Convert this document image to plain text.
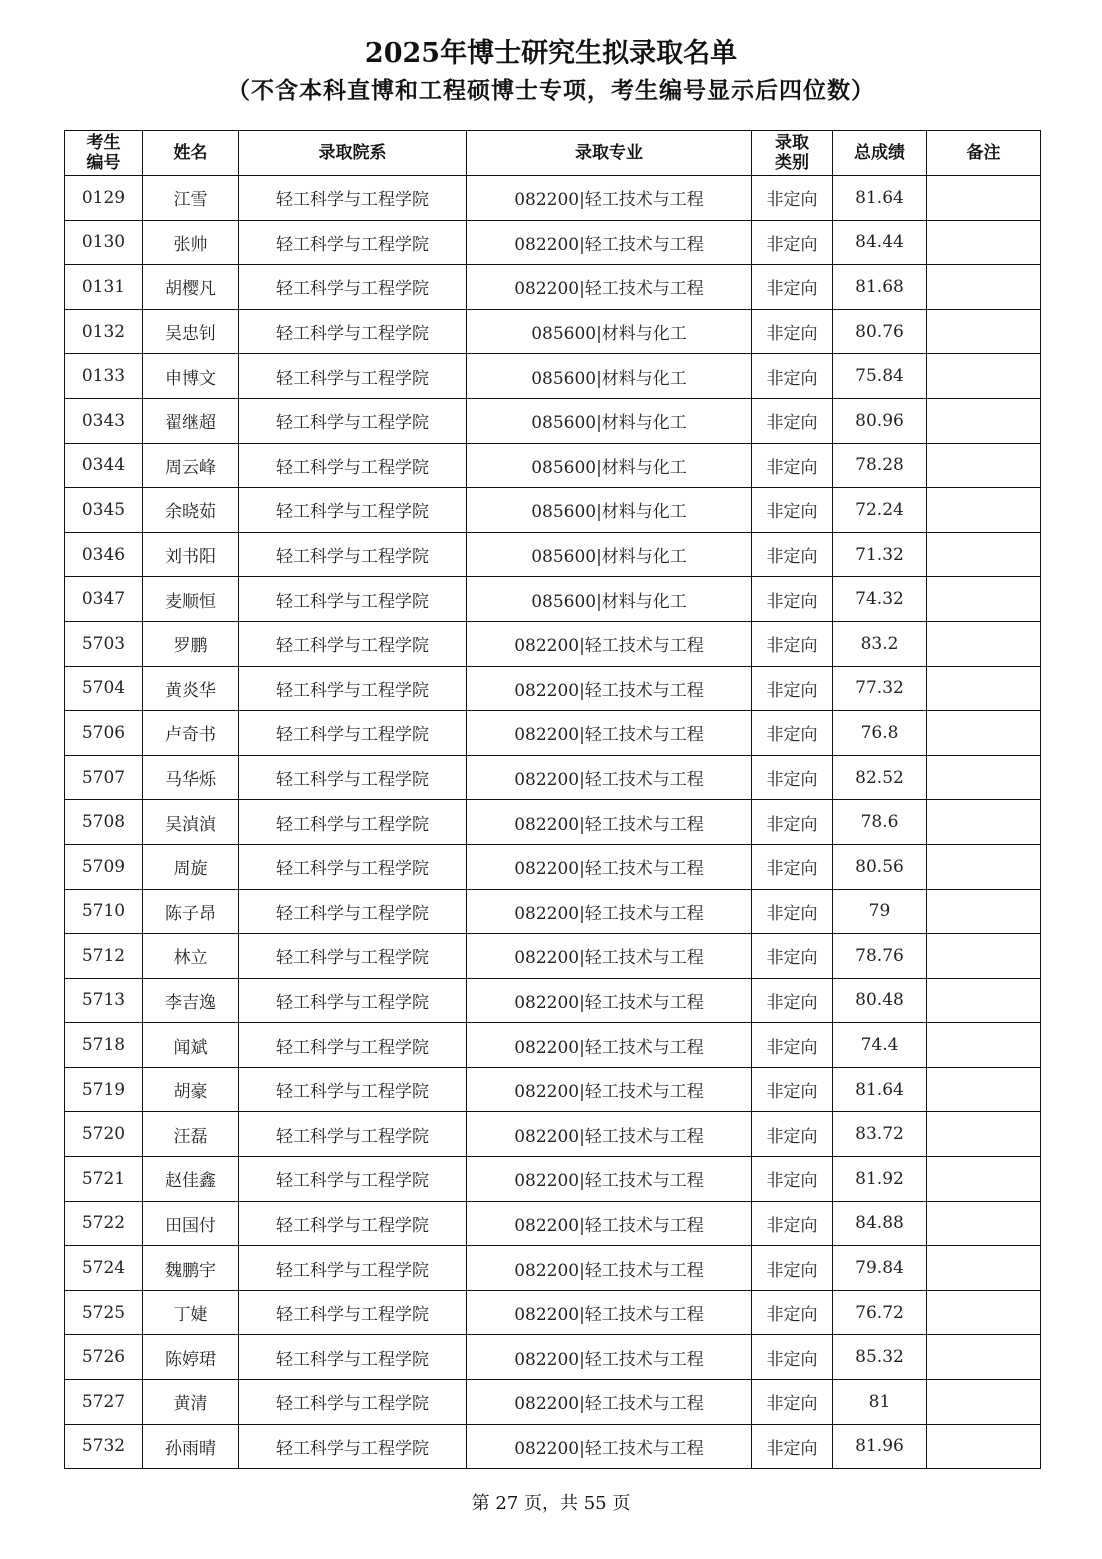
2025年博士研究生拟录取名单
（不含本科直博和工程硕博士专项，考生编号显示后四位数）
考生
编号	姓名	录取院系	录取专业	录取
类别	总成绩	备注
0129	江雪	轻工科学与工程学院	082200|轻工技术与工程	非定向	81.64	
0130	张帅	轻工科学与工程学院	082200|轻工技术与工程	非定向	84.44	
0131	胡樱凡	轻工科学与工程学院	082200|轻工技术与工程	非定向	81.68	
0132	吴忠钊	轻工科学与工程学院	085600|材料与化工	非定向	80.76	
0133	申博文	轻工科学与工程学院	085600|材料与化工	非定向	75.84	
0343	翟继超	轻工科学与工程学院	085600|材料与化工	非定向	80.96	
0344	周云峰	轻工科学与工程学院	085600|材料与化工	非定向	78.28	
0345	余晓茹	轻工科学与工程学院	085600|材料与化工	非定向	72.24	
0346	刘书阳	轻工科学与工程学院	085600|材料与化工	非定向	71.32	
0347	麦顺恒	轻工科学与工程学院	085600|材料与化工	非定向	74.32	
5703	罗鹏	轻工科学与工程学院	082200|轻工技术与工程	非定向	83.2	
5704	黄炎华	轻工科学与工程学院	082200|轻工技术与工程	非定向	77.32	
5706	卢奇书	轻工科学与工程学院	082200|轻工技术与工程	非定向	76.8	
5707	马华烁	轻工科学与工程学院	082200|轻工技术与工程	非定向	82.52	
5708	吴湞湞	轻工科学与工程学院	082200|轻工技术与工程	非定向	78.6	
5709	周旋	轻工科学与工程学院	082200|轻工技术与工程	非定向	80.56	
5710	陈子昂	轻工科学与工程学院	082200|轻工技术与工程	非定向	79	
5712	林立	轻工科学与工程学院	082200|轻工技术与工程	非定向	78.76	
5713	李吉逸	轻工科学与工程学院	082200|轻工技术与工程	非定向	80.48	
5718	闻斌	轻工科学与工程学院	082200|轻工技术与工程	非定向	74.4	
5719	胡豪	轻工科学与工程学院	082200|轻工技术与工程	非定向	81.64	
5720	汪磊	轻工科学与工程学院	082200|轻工技术与工程	非定向	83.72	
5721	赵佳鑫	轻工科学与工程学院	082200|轻工技术与工程	非定向	81.92	
5722	田国付	轻工科学与工程学院	082200|轻工技术与工程	非定向	84.88	
5724	魏鹏宇	轻工科学与工程学院	082200|轻工技术与工程	非定向	79.84	
5725	丁婕	轻工科学与工程学院	082200|轻工技术与工程	非定向	76.72	
5726	陈婷珺	轻工科学与工程学院	082200|轻工技术与工程	非定向	85.32	
5727	黄清	轻工科学与工程学院	082200|轻工技术与工程	非定向	81	
5732	孙雨晴	轻工科学与工程学院	082200|轻工技术与工程	非定向	81.96	
第 27 页，共 55 页
